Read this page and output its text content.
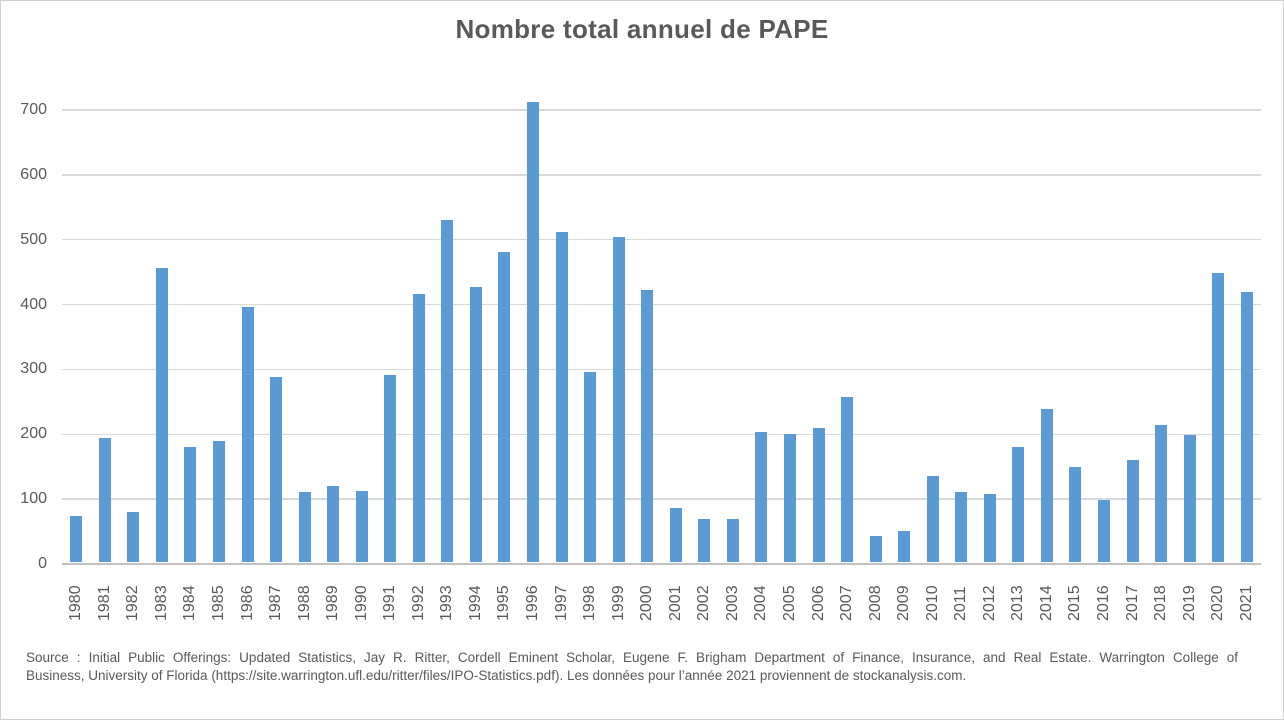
Nombre total annuel de PAPE
0
100
200
300
400
500
600
700
1980 1981 1982 1983 1984 1985 1986 1987 1988 1989 1990 1991 1992 1993 1994 1995 1996 1997 1998 1999 2000 2001 2002 2003 2004 2005 2006 2007 2008 2009 2010 2011 2012 2013 2014 2015 2016 2017 2018 2019 2020 2021
Source : Initial Public Offerings: Updated Statistics, Jay R. Ritter, Cordell Eminent Scholar, Eugene F. Brigham Department of Finance, Insurance, and Real Estate. Warrington College of
Business, University of Florida (https://site.warrington.ufl.edu/ritter/files/IPO-Statistics.pdf). Les données pour l’année 2021 proviennent de stockanalysis.com.
